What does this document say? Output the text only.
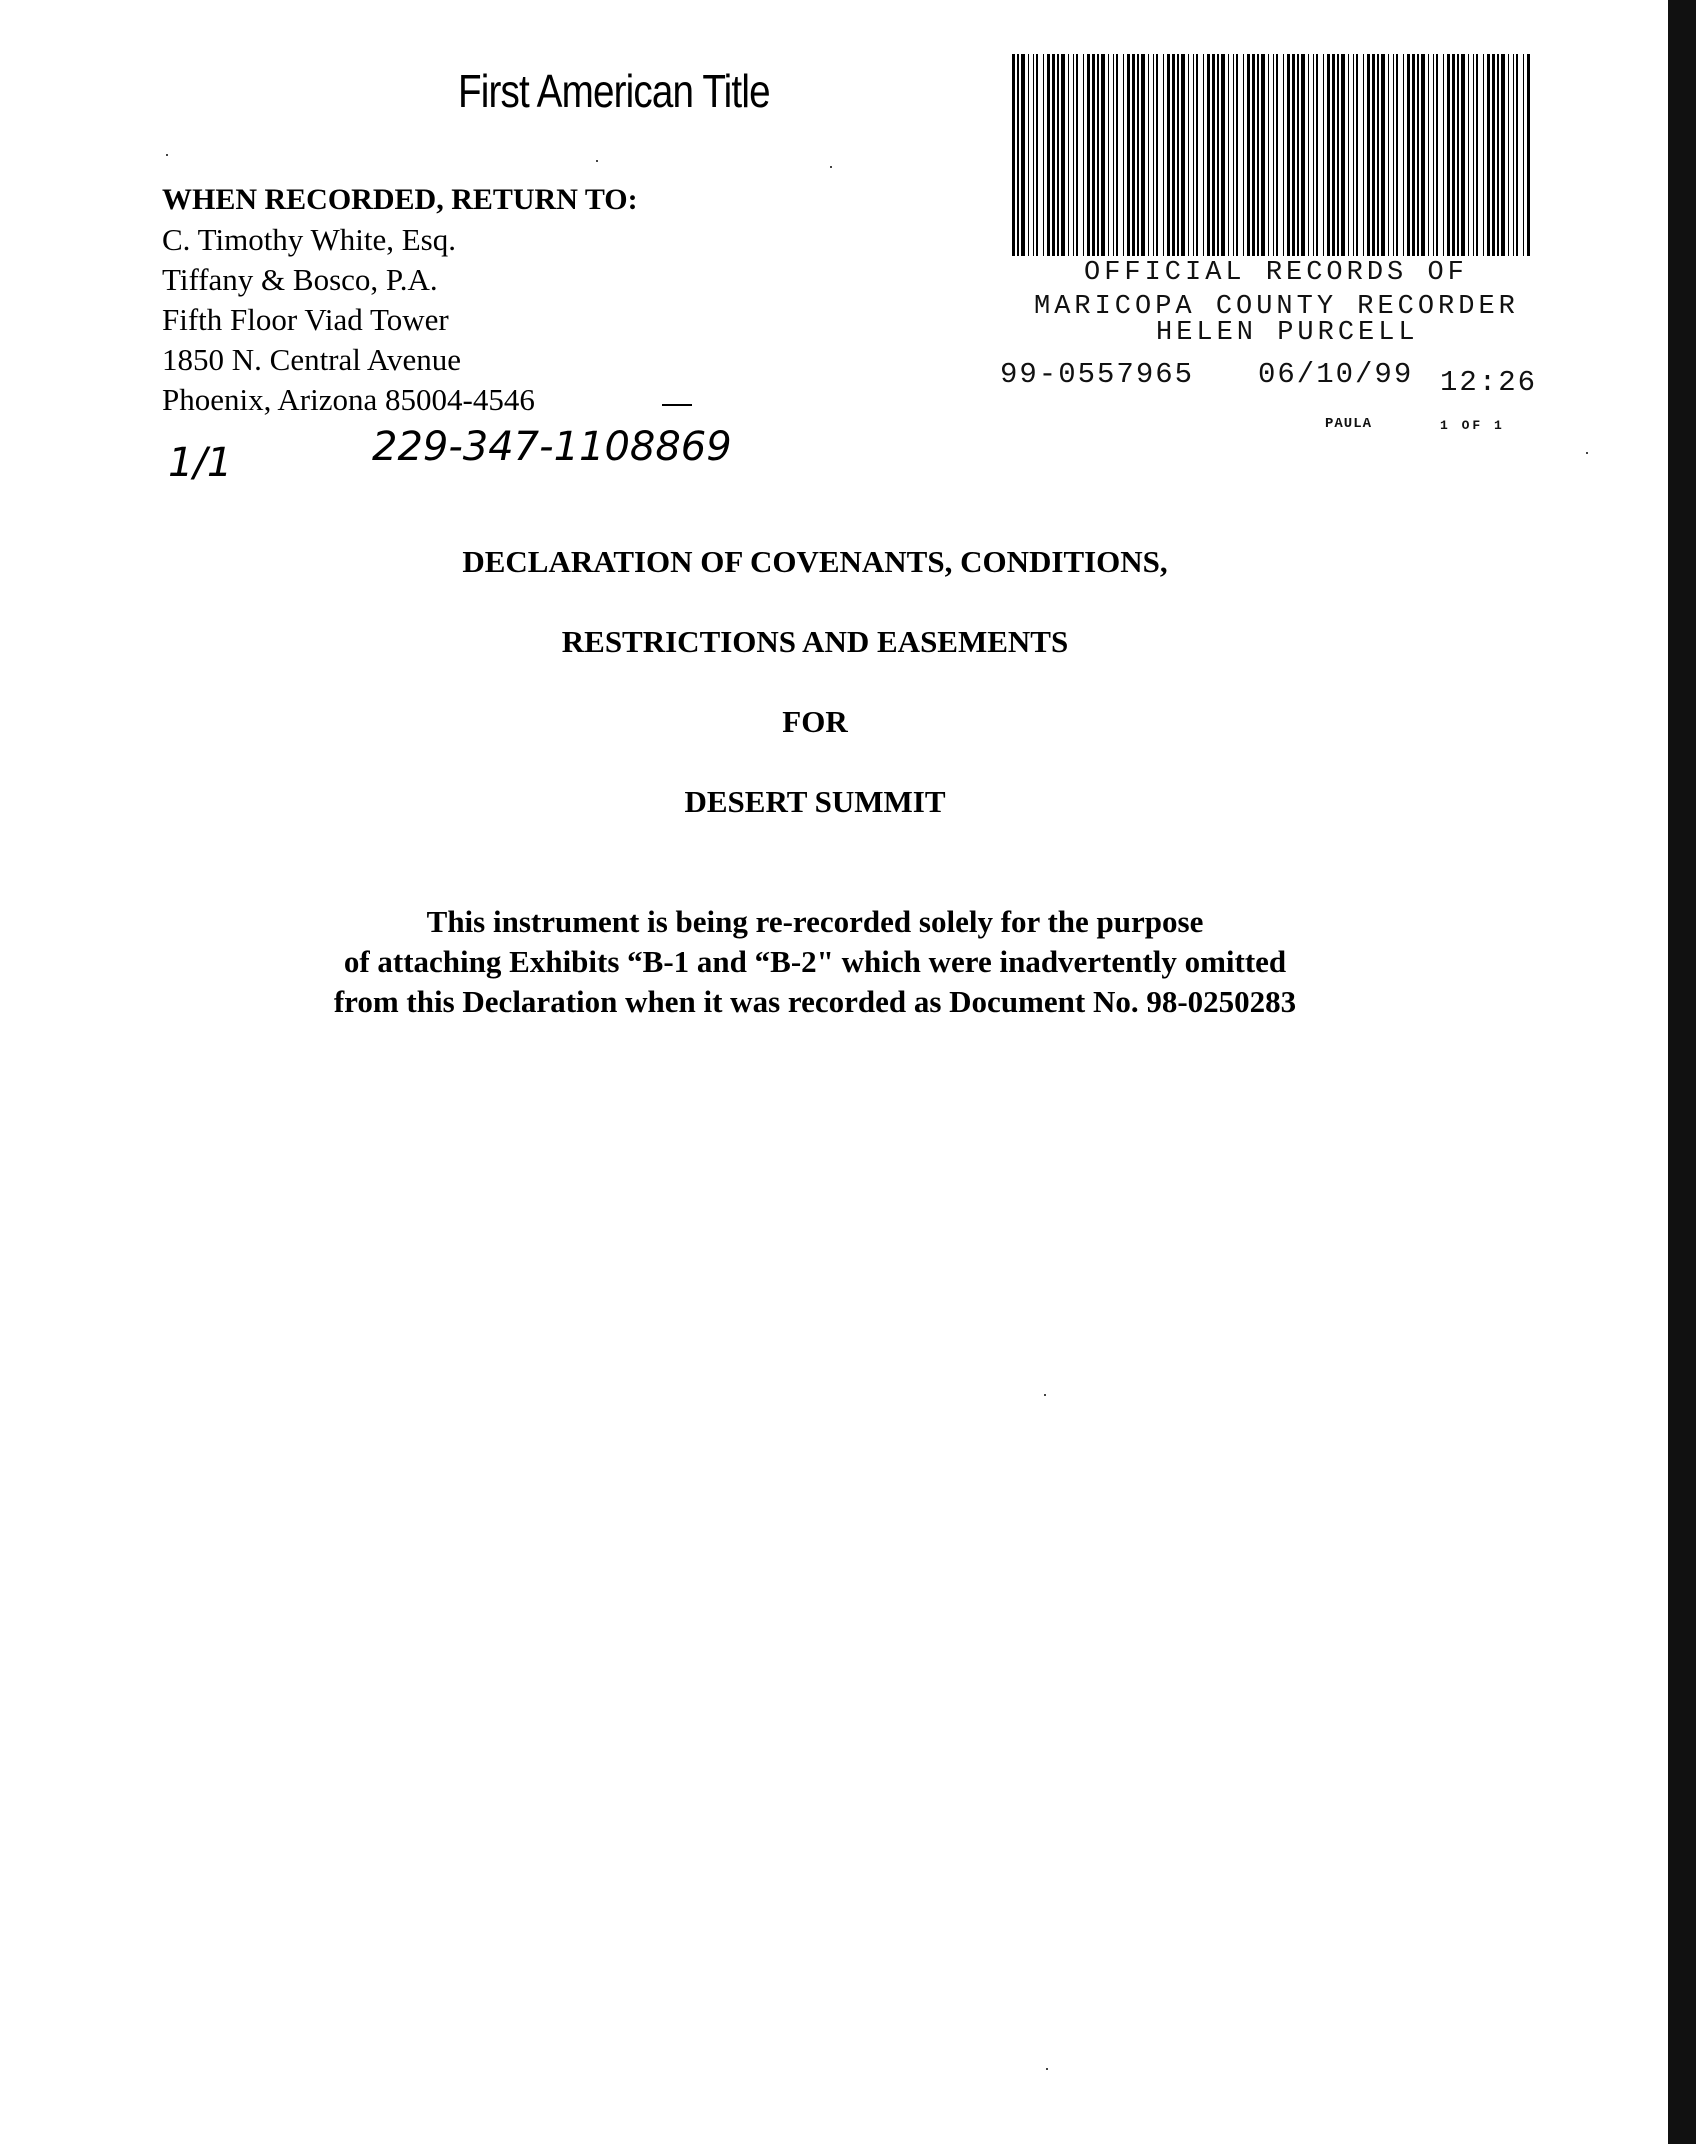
First American Title
WHEN RECORDED, RETURN TO:
C. Timothy White, Esq.
Tiffany & Bosco, P.A.
Fifth Floor Viad Tower
1850 N. Central Avenue
Phoenix, Arizona 85004-4546
1/1	229-347-1108869
OFFICIAL RECORDS OF
MARICOPA COUNTY RECORDER
HELEN PURCELL
99-0557965 06/10/99 12:26
PAULA	1 OF 1
DECLARATION OF COVENANTS, CONDITIONS,
RESTRICTIONS AND EASEMENTS
FOR
DESERT SUMMIT
This instrument is being re-recorded solely for the purpose
of attaching Exhibits “B-1 and “B-2" which were inadvertently omitted
from this Declaration when it was recorded as Document No. 98-0250283
